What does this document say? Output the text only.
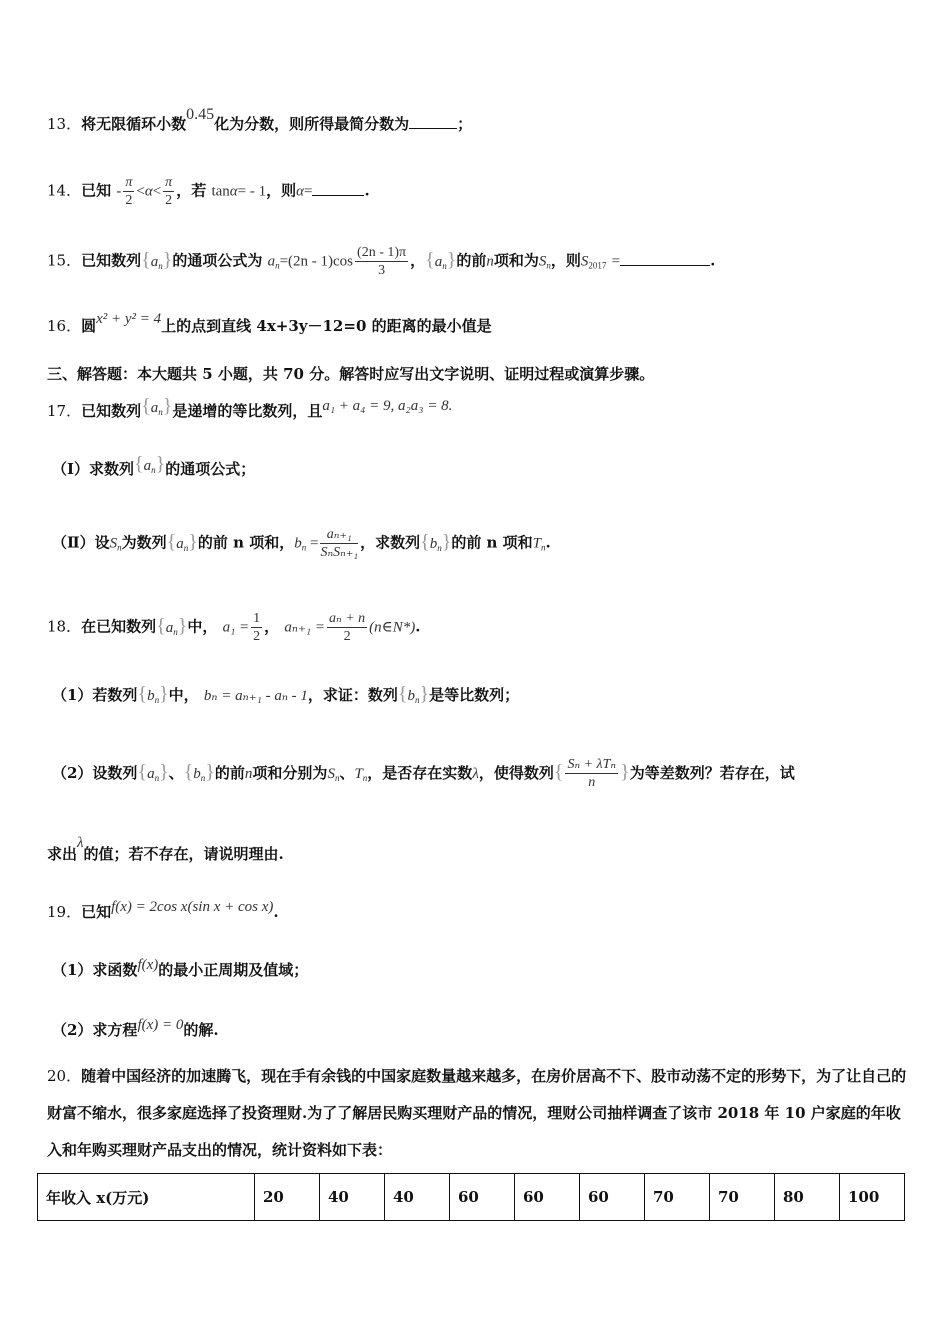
13．将无限循环小数0.45化为分数，则所得最简分数为	；
14．已知 - $\frac{\pi}{2} <\alpha< \frac{\pi}{2}$ ，若 tanα= - 1，则α=	.
15．已知数列$\{a_n\}$的通项公式为 $a_n=(2n - 1)\cos \frac{(2n - 1)\pi}{3}$ ，$\{a_n\}$的前n项和为$S_n$，则$S_{2017}$ =	.
16．圆x² + y² = 4上的点到直线 4x+3y－12=0 的距离的最小值是
三、解答题：本大题共 5 小题，共 70 分。解答时应写出文字说明、证明过程或演算步骤。
17．已知数列$\{a_n\}$是递增的等比数列，且a₁ + a₄ = 9, a₂a₃ = 8.
（Ⅰ）求数列$\{a_n\}$的通项公式；
（Ⅱ）设$S_n$为数列$\{a_n\}$的前 n 项和，$b_n = \frac{\text{aₙ₊₁}}{\text{SₙSₙ₊₁}}$ ，求数列$\{b_n\}$的前 n 项和$T_n$.
18．在已知数列$\{a_n\}$中， $a_1 = \frac{1}{2}$ ， $a_{n+1} = \frac{\text{aₙ + n}}{2}$ (n∈N*).
（1）若数列$\{b_n\}$中， bₙ = aₙ₊₁ - aₙ - 1，求证：数列$\{b_n\}$是等比数列；
（2）设数列$\{a_n\}$、$\{b_n\}$的前n项和分别为$S_n$、$T_n$，是否存在实数λ，使得数列{ $\frac{\text{Sₙ + λTₙ}}{n}$ }为等差数列？若存在，试
求出λ的值；若不存在，请说明理由.
19．已知f(x) = 2cos x(sin x + cos x).
（1）求函数f(x)的最小正周期及值域；
（2）求方程f(x) = 0的解.
20．随着中国经济的加速腾飞，现在手有余钱的中国家庭数量越来越多，在房价居高不下、股市动荡不定的形势下，为了让自己的财富不缩水，很多家庭选择了投资理财.为了了解居民购买理财产品的情况，理财公司抽样调查了该市 2018 年 10 户家庭的年收入和年购买理财产品支出的情况，统计资料如下表：
年收入 x(万元)	20	40	40	60	60	60	70	70	80	100
